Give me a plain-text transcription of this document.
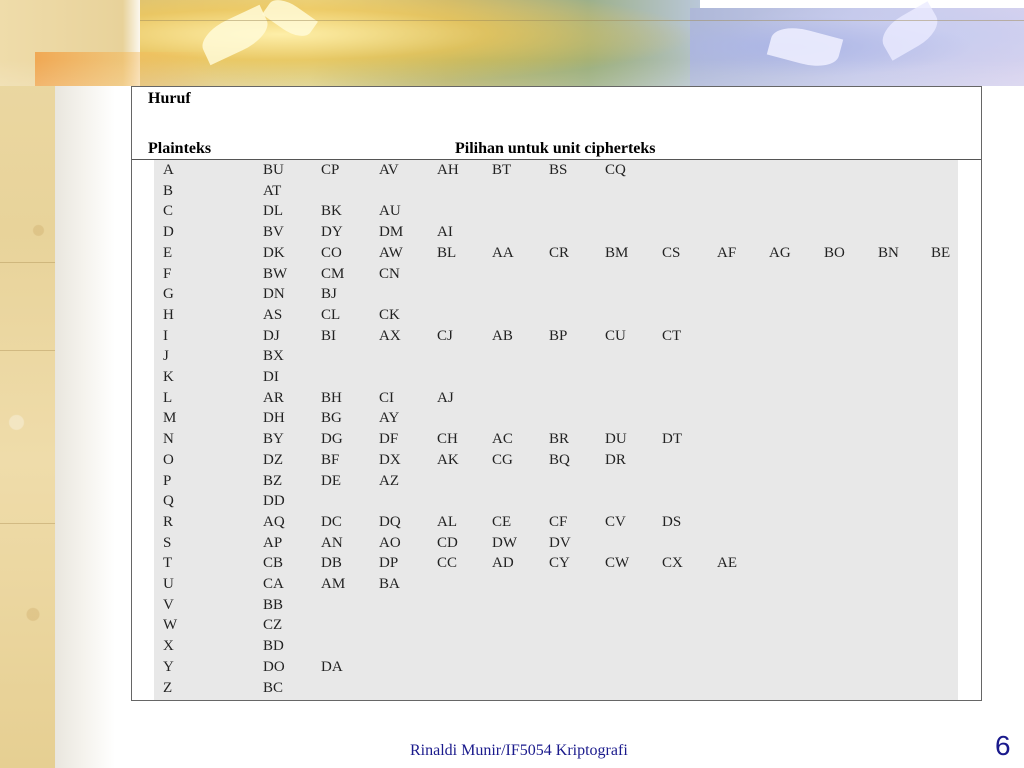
Huruf
Plainteks	Pilihan untuk unit cipherteks
A	BU CP	AV	AH BT	BS	CQ
B	AT
C	DL	BK AU
D	BV DY DM AI
E	DK CO AW BL AA CR BM CS AF AG BO BN BE
F	BW CM CN
G	DN BJ
H	AS	CL	CK
I	DJ	BI	AX CJ	AB BP	CU CT
J	BX
K	DI
L	AR BH CI	AJ
M	DH BG AY
N	BY DG DF	CH AC BR DU DT
O	DZ	BF	DX AK CG BQ DR
P	BZ	DE	AZ
Q	DD
R	AQ DC DQ AL CE	CF	CV DS
S	AP	AN AO CD DW DV
T	CB	DB DP	CC AD CY CW CX AE
U	CA AM BA
V	BB
W	CZ
X	BD
Y	DO DA
Z	BC
Rinaldi Munir/IF5054 Kriptografi	6
